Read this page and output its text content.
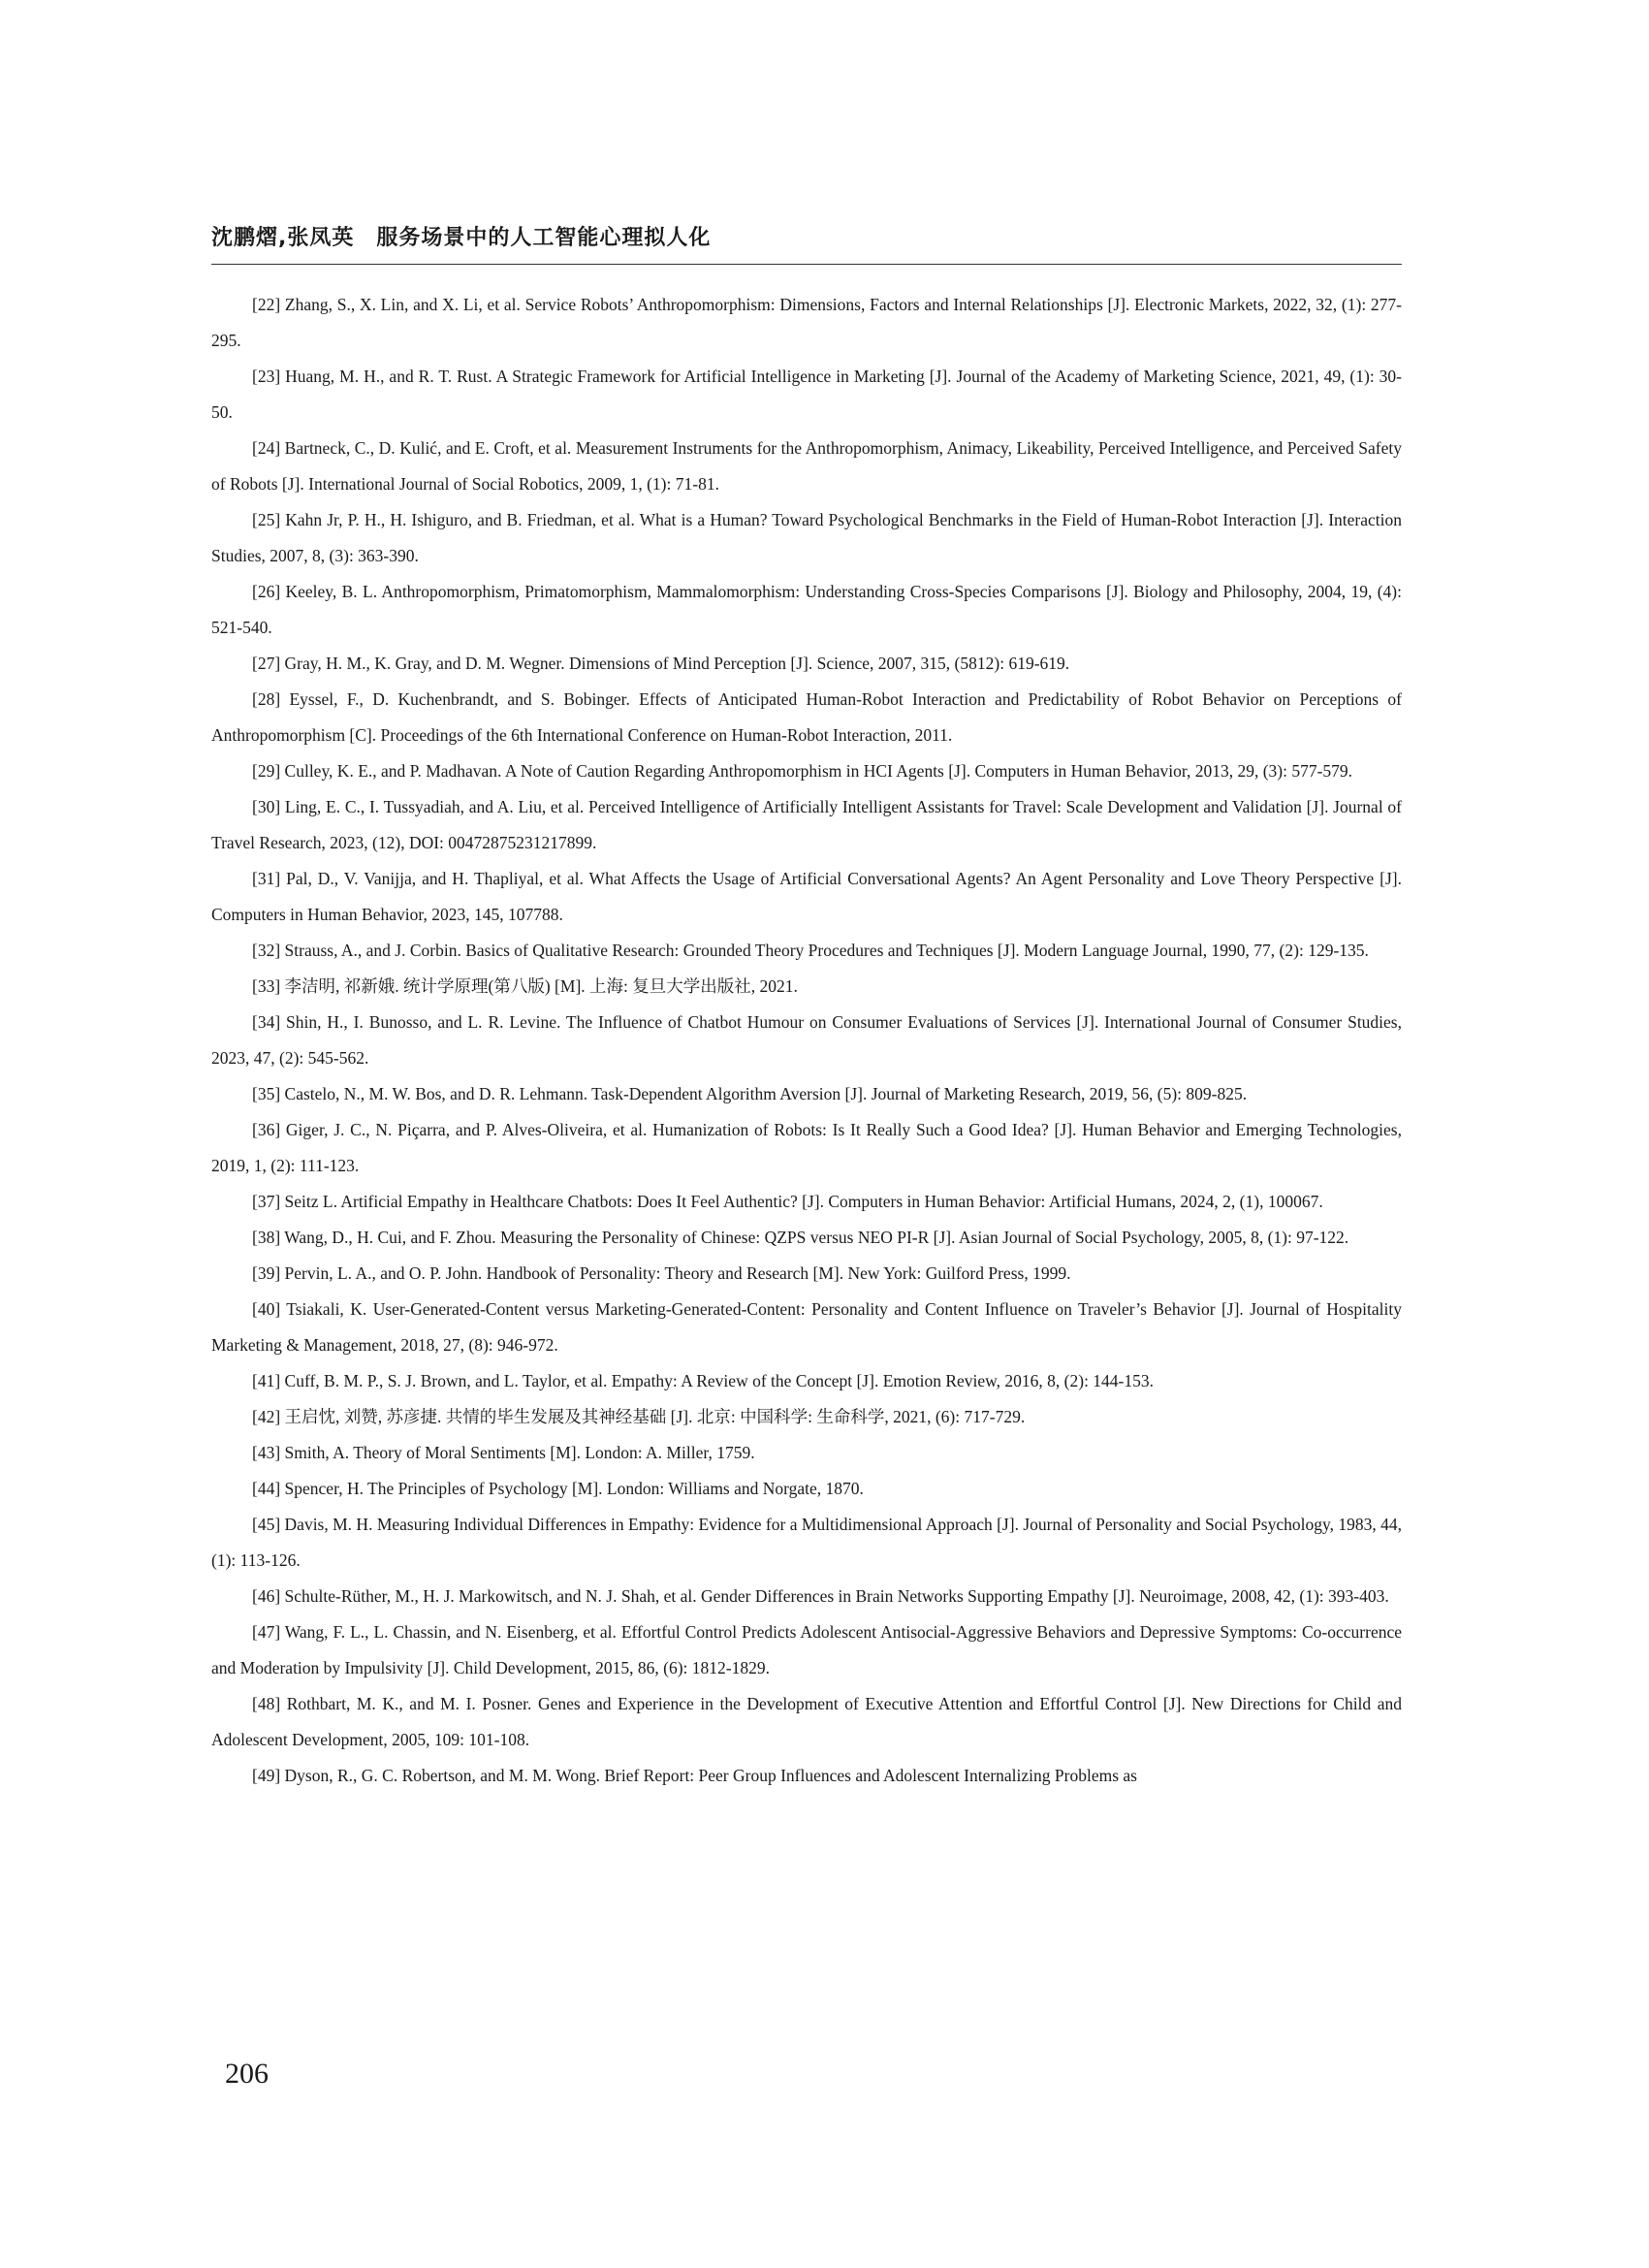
沈鹏熠,张凤英　服务场景中的人工智能心理拟人化
[22] Zhang, S., X. Lin, and X. Li, et al. Service Robots’ Anthropomorphism: Dimensions, Factors and Internal Relationships [J]. Electronic Markets, 2022, 32, (1): 277-295.
[23] Huang, M. H., and R. T. Rust. A Strategic Framework for Artificial Intelligence in Marketing [J]. Journal of the Academy of Marketing Science, 2021, 49, (1): 30-50.
[24] Bartneck, C., D. Kulić, and E. Croft, et al. Measurement Instruments for the Anthropomorphism, Animacy, Likeability, Perceived Intelligence, and Perceived Safety of Robots [J]. International Journal of Social Robotics, 2009, 1, (1): 71-81.
[25] Kahn Jr, P. H., H. Ishiguro, and B. Friedman, et al. What is a Human? Toward Psychological Benchmarks in the Field of Human-Robot Interaction [J]. Interaction Studies, 2007, 8, (3): 363-390.
[26] Keeley, B. L. Anthropomorphism, Primatomorphism, Mammalomorphism: Understanding Cross-Species Comparisons [J]. Biology and Philosophy, 2004, 19, (4): 521-540.
[27] Gray, H. M., K. Gray, and D. M. Wegner. Dimensions of Mind Perception [J]. Science, 2007, 315, (5812): 619-619.
[28] Eyssel, F., D. Kuchenbrandt, and S. Bobinger. Effects of Anticipated Human-Robot Interaction and Predictability of Robot Behavior on Perceptions of Anthropomorphism [C]. Proceedings of the 6th International Conference on Human-Robot Interaction, 2011.
[29] Culley, K. E., and P. Madhavan. A Note of Caution Regarding Anthropomorphism in HCI Agents [J]. Computers in Human Behavior, 2013, 29, (3): 577-579.
[30] Ling, E. C., I. Tussyadiah, and A. Liu, et al. Perceived Intelligence of Artificially Intelligent Assistants for Travel: Scale Development and Validation [J]. Journal of Travel Research, 2023, (12), DOI: 00472875231217899.
[31] Pal, D., V. Vanijja, and H. Thapliyal, et al. What Affects the Usage of Artificial Conversational Agents? An Agent Personality and Love Theory Perspective [J]. Computers in Human Behavior, 2023, 145, 107788.
[32] Strauss, A., and J. Corbin. Basics of Qualitative Research: Grounded Theory Procedures and Techniques [J]. Modern Language Journal, 1990, 77, (2): 129-135.
[33] 李洁明, 祁新娥. 统计学原理(第八版) [M]. 上海: 复旦大学出版社, 2021.
[34] Shin, H., I. Bunosso, and L. R. Levine. The Influence of Chatbot Humour on Consumer Evaluations of Services [J]. International Journal of Consumer Studies, 2023, 47, (2): 545-562.
[35] Castelo, N., M. W. Bos, and D. R. Lehmann. Task-Dependent Algorithm Aversion [J]. Journal of Marketing Research, 2019, 56, (5): 809-825.
[36] Giger, J. C., N. Piçarra, and P. Alves-Oliveira, et al. Humanization of Robots: Is It Really Such a Good Idea? [J]. Human Behavior and Emerging Technologies, 2019, 1, (2): 111-123.
[37] Seitz L. Artificial Empathy in Healthcare Chatbots: Does It Feel Authentic? [J]. Computers in Human Behavior: Artificial Humans, 2024, 2, (1), 100067.
[38] Wang, D., H. Cui, and F. Zhou. Measuring the Personality of Chinese: QZPS versus NEO PI-R [J]. Asian Journal of Social Psychology, 2005, 8, (1): 97-122.
[39] Pervin, L. A., and O. P. John. Handbook of Personality: Theory and Research [M]. New York: Guilford Press, 1999.
[40] Tsiakali, K. User-Generated-Content versus Marketing-Generated-Content: Personality and Content Influence on Traveler’s Behavior [J]. Journal of Hospitality Marketing & Management, 2018, 27, (8): 946-972.
[41] Cuff, B. M. P., S. J. Brown, and L. Taylor, et al. Empathy: A Review of the Concept [J]. Emotion Review, 2016, 8, (2): 144-153.
[42] 王启忱, 刘赞, 苏彦捷. 共情的毕生发展及其神经基础 [J]. 北京: 中国科学: 生命科学, 2021, (6): 717-729.
[43] Smith, A. Theory of Moral Sentiments [M]. London: A. Miller, 1759.
[44] Spencer, H. The Principles of Psychology [M]. London: Williams and Norgate, 1870.
[45] Davis, M. H. Measuring Individual Differences in Empathy: Evidence for a Multidimensional Approach [J]. Journal of Personality and Social Psychology, 1983, 44, (1): 113-126.
[46] Schulte-Rüther, M., H. J. Markowitsch, and N. J. Shah, et al. Gender Differences in Brain Networks Supporting Empathy [J]. Neuroimage, 2008, 42, (1): 393-403.
[47] Wang, F. L., L. Chassin, and N. Eisenberg, et al. Effortful Control Predicts Adolescent Antisocial-Aggressive Behaviors and Depressive Symptoms: Co-occurrence and Moderation by Impulsivity [J]. Child Development, 2015, 86, (6): 1812-1829.
[48] Rothbart, M. K., and M. I. Posner. Genes and Experience in the Development of Executive Attention and Effortful Control [J]. New Directions for Child and Adolescent Development, 2005, 109: 101-108.
[49] Dyson, R., G. C. Robertson, and M. M. Wong. Brief Report: Peer Group Influences and Adolescent Internalizing Problems as
206
